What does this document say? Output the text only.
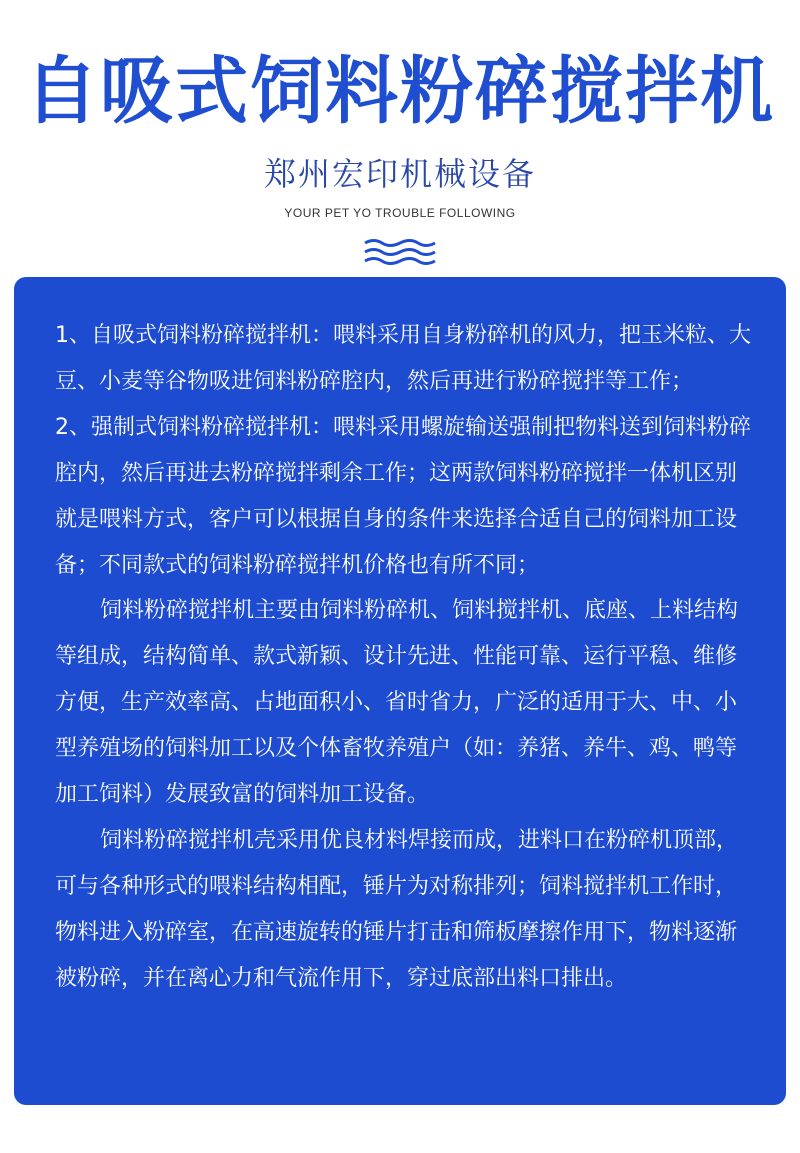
自吸式饲料粉碎搅拌机
郑州宏印机械设备
YOUR PET YO TROUBLE FOLLOWING

1、自吸式饲料粉碎搅拌机：喂料采用自身粉碎机的风力，把玉米粒、大豆、小麦等谷物吸进饲料粉碎腔内，然后再进行粉碎搅拌等工作；

2、强制式饲料粉碎搅拌机：喂料采用螺旋输送强制把物料送到饲料粉碎腔内，然后再进去粉碎搅拌剩余工作；这两款饲料粉碎搅拌一体机区别就是喂料方式，客户可以根据自身的条件来选择合适自己的饲料加工设备；不同款式的饲料粉碎搅拌机价格也有所不同；

饲料粉碎搅拌机主要由饲料粉碎机、饲料搅拌机、底座、上料结构等组成，结构简单、款式新颖、设计先进、性能可靠、运行平稳、维修方便，生产效率高、占地面积小、省时省力，广泛的适用于大、中、小型养殖场的饲料加工以及个体畜牧养殖户（如：养猪、养牛、鸡、鸭等加工饲料）发展致富的饲料加工设备。

饲料粉碎搅拌机壳采用优良材料焊接而成，进料口在粉碎机顶部，可与各种形式的喂料结构相配，锤片为对称排列；饲料搅拌机工作时，物料进入粉碎室，在高速旋转的锤片打击和筛板摩擦作用下，物料逐渐被粉碎，并在离心力和气流作用下，穿过底部出料口排出。
